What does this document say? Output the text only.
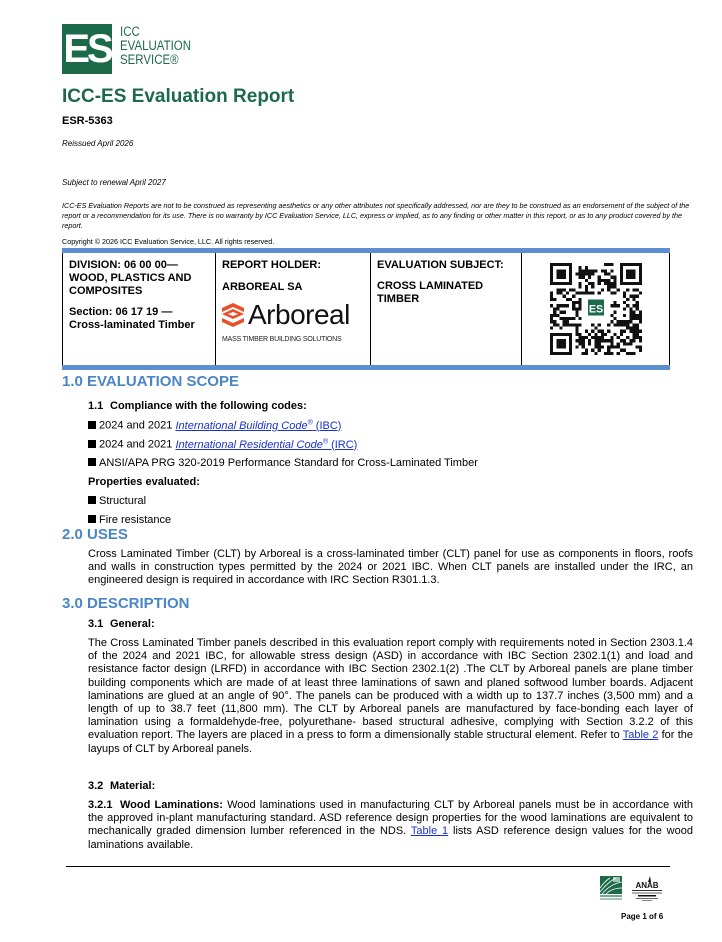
ES ICC
EVALUATION
SERVICE®
ICC-ES Evaluation Report
ESR-5363
Reissued April 2026
Subject to renewal April 2027
ICC-ES Evaluation Reports are not to be construed as representing aesthetics or any other attributes not specifically addressed, nor are they to be construed as an endorsement of the subject of the report or a recommendation for its use. There is no warranty by ICC Evaluation Service, LLC, express or implied, as to any finding or other matter in this report, or as to any product covered by the report.
Copyright © 2026 ICC Evaluation Service, LLC. All rights reserved.
DIVISION: 06 00 00— WOOD, PLASTICS AND COMPOSITES
Section: 06 17 19 — Cross-laminated Timber
REPORT HOLDER:
ARBOREAL SA
Arboreal
MASS TIMBER BUILDING SOLUTIONS
EVALUATION SUBJECT:
CROSS LAMINATED TIMBER
ES
1.0 EVALUATION SCOPE
1.1 Compliance with the following codes:
2024 and 2021 International Building Code® (IBC)
2024 and 2021 International Residential Code® (IRC)
ANSI/APA PRG 320-2019 Performance Standard for Cross-Laminated Timber
Properties evaluated:
Structural
Fire resistance
2.0 USES
Cross Laminated Timber (CLT) by Arboreal is a cross-laminated timber (CLT) panel for use as components in floors, roofs and walls in construction types permitted by the 2024 or 2021 IBC. When CLT panels are installed under the IRC, an engineered design is required in accordance with IRC Section R301.1.3.
3.0 DESCRIPTION
3.1 General:
The Cross Laminated Timber panels described in this evaluation report comply with requirements noted in Section 2303.1.4 of the 2024 and 2021 IBC, for allowable stress design (ASD) in accordance with IBC Section 2302.1(1) and load and resistance factor design (LRFD) in accordance with IBC Section 2302.1(2) .The CLT by Arboreal panels are plane timber building components which are made of at least three laminations of sawn and planed softwood lumber boards. Adjacent laminations are glued at an angle of 90°. The panels can be produced with a width up to 137.7 inches (3,500 mm) and a length of up to 38.7 feet (11,800 mm). The CLT by Arboreal panels are manufactured by face-bonding each layer of lamination using a formaldehyde-free, polyurethane- based structural adhesive, complying with Section 3.2.2 of this evaluation report. The layers are placed in a press to form a dimensionally stable structural element. Refer to Table 2 for the layups of CLT by Arboreal panels.
3.2 Material:
3.2.1 Wood Laminations: Wood laminations used in manufacturing CLT by Arboreal panels must be in accordance with the approved in-plant manufacturing standard. ASD reference design properties for the wood laminations are equivalent to mechanically graded dimension lumber referenced in the NDS. Table 1 lists ASD reference design values for the wood laminations available.
ANAB
Page 1 of 6
